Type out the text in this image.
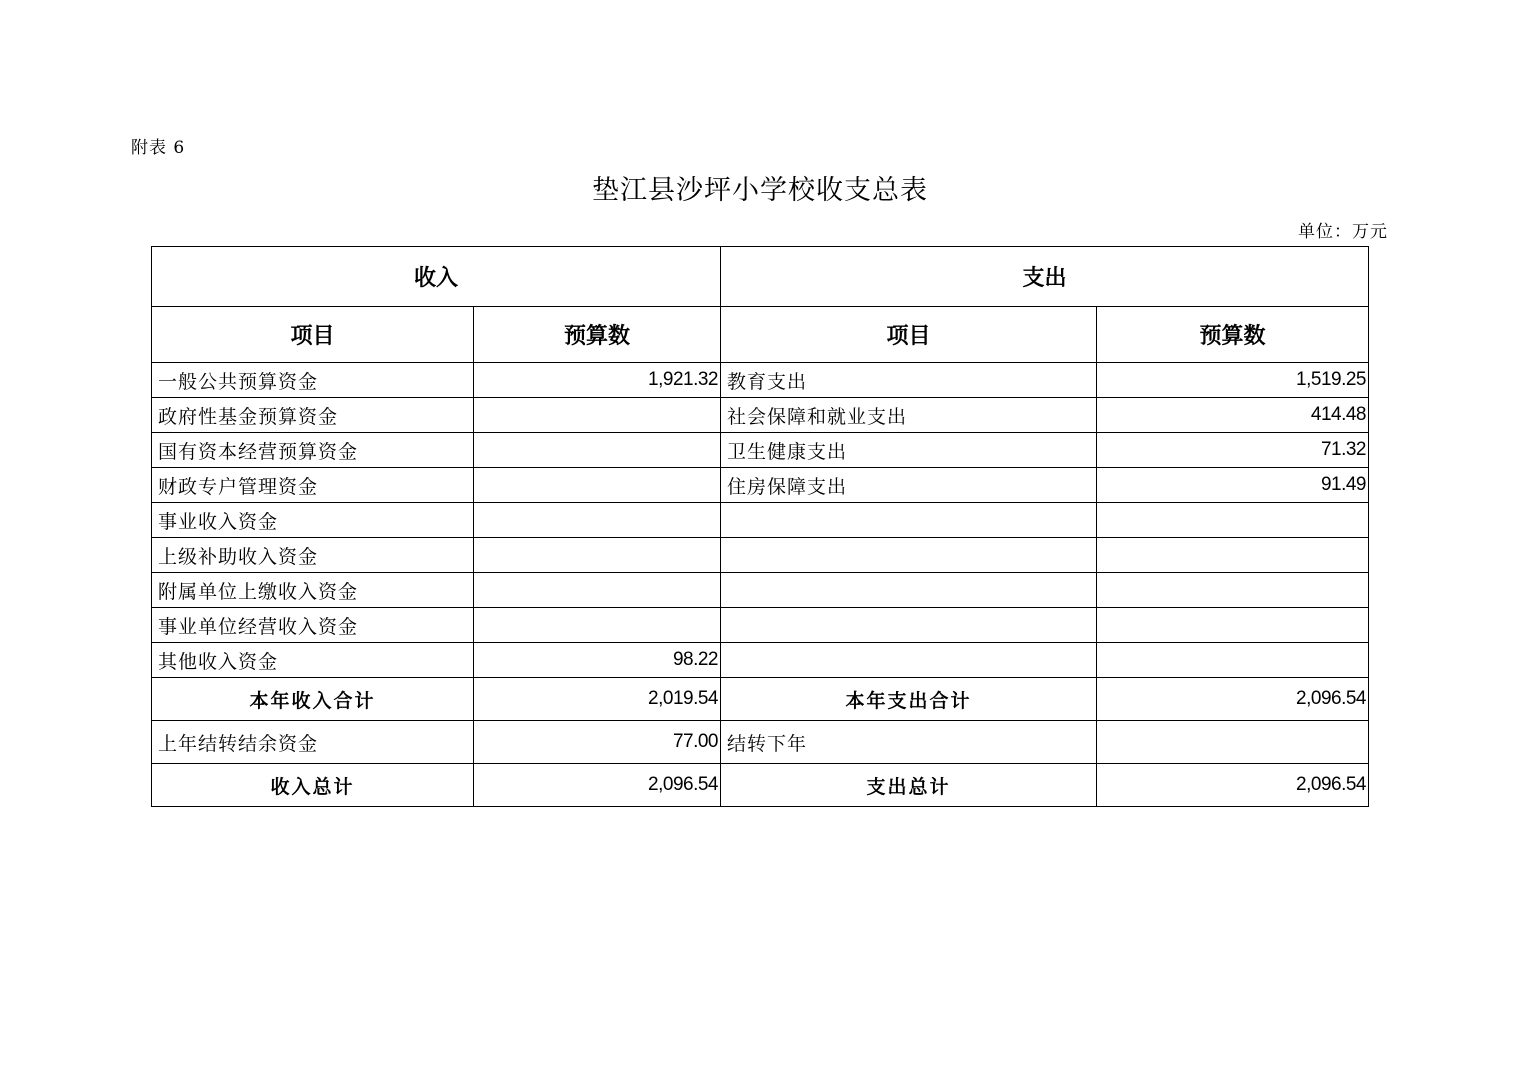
附表 6
垫江县沙坪小学校收支总表
单位：万元
收入		支出	
项目	预算数	项目	预算数
一般公共预算资金	1,921.32	教育支出	1,519.25
政府性基金预算资金		社会保障和就业支出	414.48
国有资本经营预算资金		卫生健康支出	71.32
财政专户管理资金		住房保障支出	91.49
事业收入资金			
上级补助收入资金			
附属单位上缴收入资金			
事业单位经营收入资金			
其他收入资金	98.22		
本年收入合计	2,019.54	本年支出合计	2,096.54
上年结转结余资金	77.00	结转下年	
收入总计	2,096.54	支出总计	2,096.54
